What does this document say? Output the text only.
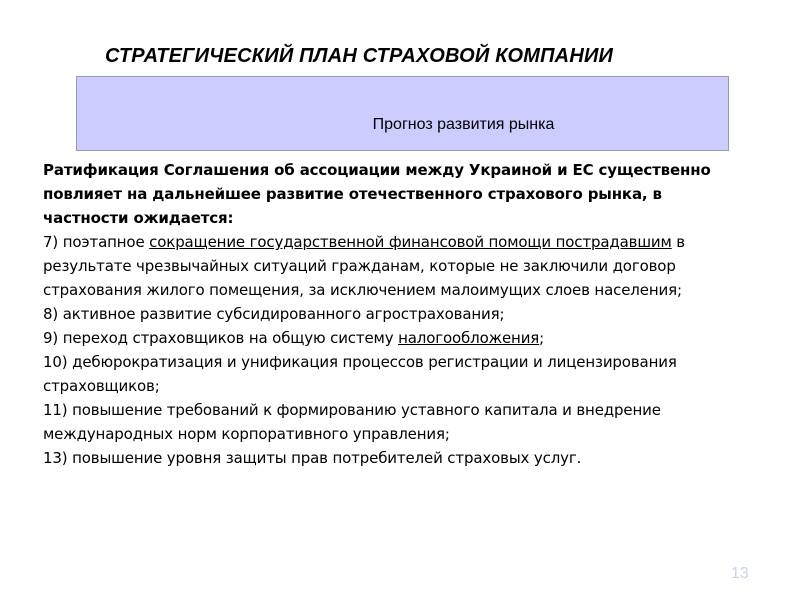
СТРАТЕГИЧЕСКИЙ ПЛАН СТРАХОВОЙ КОМПАНИИ
Прогноз развития рынка

Ратификация Соглашения об ассоциации между Украиной и ЕС существенно повлияет на дальнейшее развитие отечественного страхового рынка, в частности ожидается:

7) поэтапное сокращение государственной финансовой помощи пострадавшим в результате чрезвычайных ситуаций гражданам, которые не заключили договор страхования жилого помещения, за исключением малоимущих слоев населения;

8) активное развитие субсидированного агрострахования;

9) переход страховщиков на общую систему налогообложения;

10) дебюрократизация и унификация процессов регистрации и лицензирования страховщиков;

11) повышение требований к формированию уставного капитала и внедрение международных норм корпоративного управления;

13) повышение уровня защиты прав потребителей страховых услуг.

13
